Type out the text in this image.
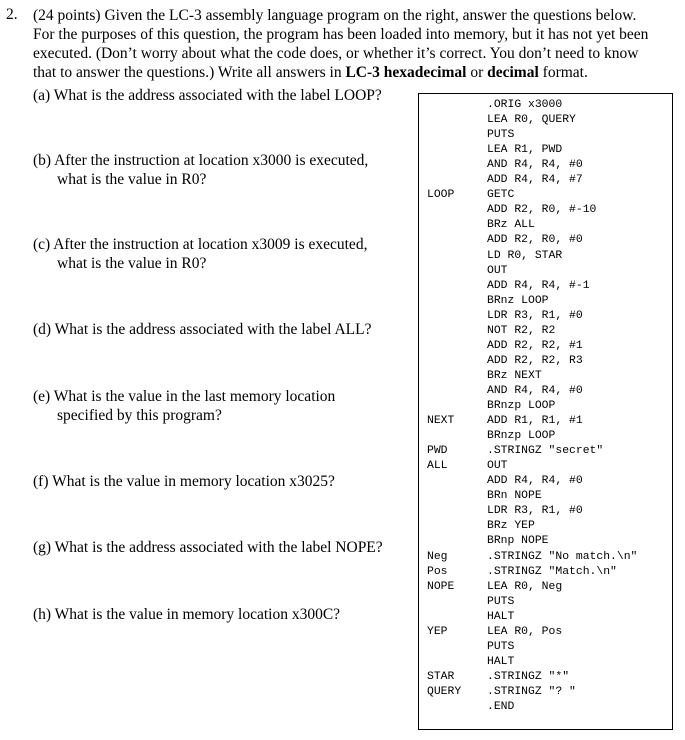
2. (24 points) Given the LC-3 assembly language program on the right, answer the questions below.

For the purposes of this question, the program has been loaded into memory, but it has not yet been

executed. (Don’t worry about what the code does, or whether it’s correct. You don’t need to know

that to answer the questions.) Write all answers in LC-3 hexadecimal or decimal format.

(a) What is the address associated with the label LOOP?

(b) After the instruction at location x3000 is executed,

what is the value in R0?

(c) After the instruction at location x3009 is executed,

what is the value in R0?

(d) What is the address associated with the label ALL?

(e) What is the value in the last memory location

specified by this program?

(f) What is the value in memory location x3025?

(g) What is the address associated with the label NOPE?

(h) What is the value in memory location x300C?

.ORIG x3000
LEA R0, QUERY
PUTS
LEA R1, PWD
AND R4, R4, #0
ADD R4, R4, #7
LOOP	GETC
ADD R2, R0, #-10
BRz ALL
ADD R2, R0, #0
LD R0, STAR
OUT
ADD R4, R4, #-1
BRnz LOOP
LDR R3, R1, #0
NOT R2, R2
ADD R2, R2, #1
ADD R2, R2, R3
BRz NEXT
AND R4, R4, #0
BRnzp LOOP
NEXT	ADD R1, R1, #1
BRnzp LOOP
PWD	.STRINGZ "secret"
ALL	OUT
ADD R4, R4, #0
BRn NOPE
LDR R3, R1, #0
BRz YEP
BRnp NOPE
Neg	.STRINGZ "No match.\n"
Pos	.STRINGZ "Match.\n"
NOPE	LEA R0, Neg
PUTS
HALT
YEP	LEA R0, Pos
PUTS
HALT
STAR	.STRINGZ "*"
QUERY .STRINGZ "? "
.END
